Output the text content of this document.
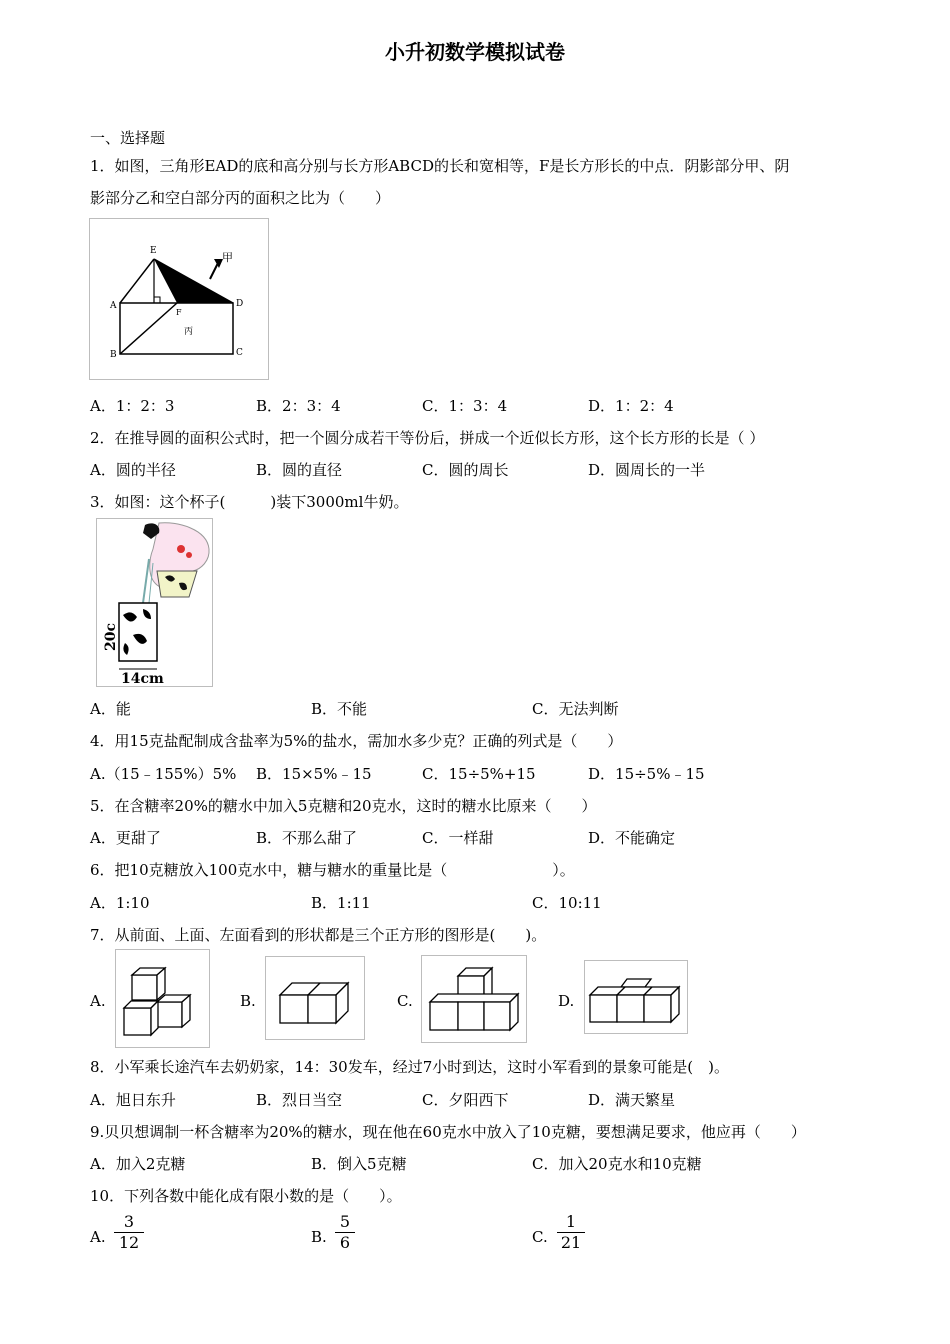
小升初数学模拟试卷
一、选择题
1．如图，三角形EAD的底和高分别与长方形ABCD的长和宽相等，F是长方形长的中点．阴影部分甲、阴
影部分乙和空白部分丙的面积之比为（　　）
E
A	D
B	C
F
甲
丙
A．1：2：3	B．2：3：4	C．1：3：4	D．1：2：4
2．在推导圆的面积公式时，把一个圆分成若干等份后，拼成一个近似长方形，这个长方形的长是（ ）
A．圆的半径	B．圆的直径	C．圆的周长	D．圆周长的一半
3．如图：这个杯子(　　　)装下3000ml牛奶。
20c
14cm
A．能	B．不能	C．无法判断
4．用15克盐配制成含盐率为5%的盐水，需加水多少克？正确的列式是（　　）
A.（15﹣155%）5% B．15×5%﹣15	C．15÷5%+15	D．15÷5%﹣15
5．在含糖率20%的糖水中加入5克糖和20克水，这时的糖水比原来（　　）
A．更甜了	B．不那么甜了	C．一样甜	D．不能确定
6．把10克糖放入100克水中，糖与糖水的重量比是（　　　　　　　）。
A．1:10	B．1:11	C．10:11
7．从前面、上面、左面看到的形状都是三个正方形的图形是(　　)。
A.	B.	C.	D.
8．小军乘长途汽车去奶奶家，14：30发车，经过7小时到达，这时小军看到的景象可能是(　)。
A．旭日东升	B．烈日当空	C．夕阳西下	D．满天繁星
9.贝贝想调制一杯含糖率为20%的糖水，现在他在60克水中放入了10克糖，要想满足要求，他应再（　　）
A．加入2克糖	B．倒入5克糖	C．加入20克水和10克糖
10．下列各数中能化成有限小数的是（　　）。
A. $\frac{3}{12}$	B. $\frac{5}{6}$	C. $\frac{1}{21}$
